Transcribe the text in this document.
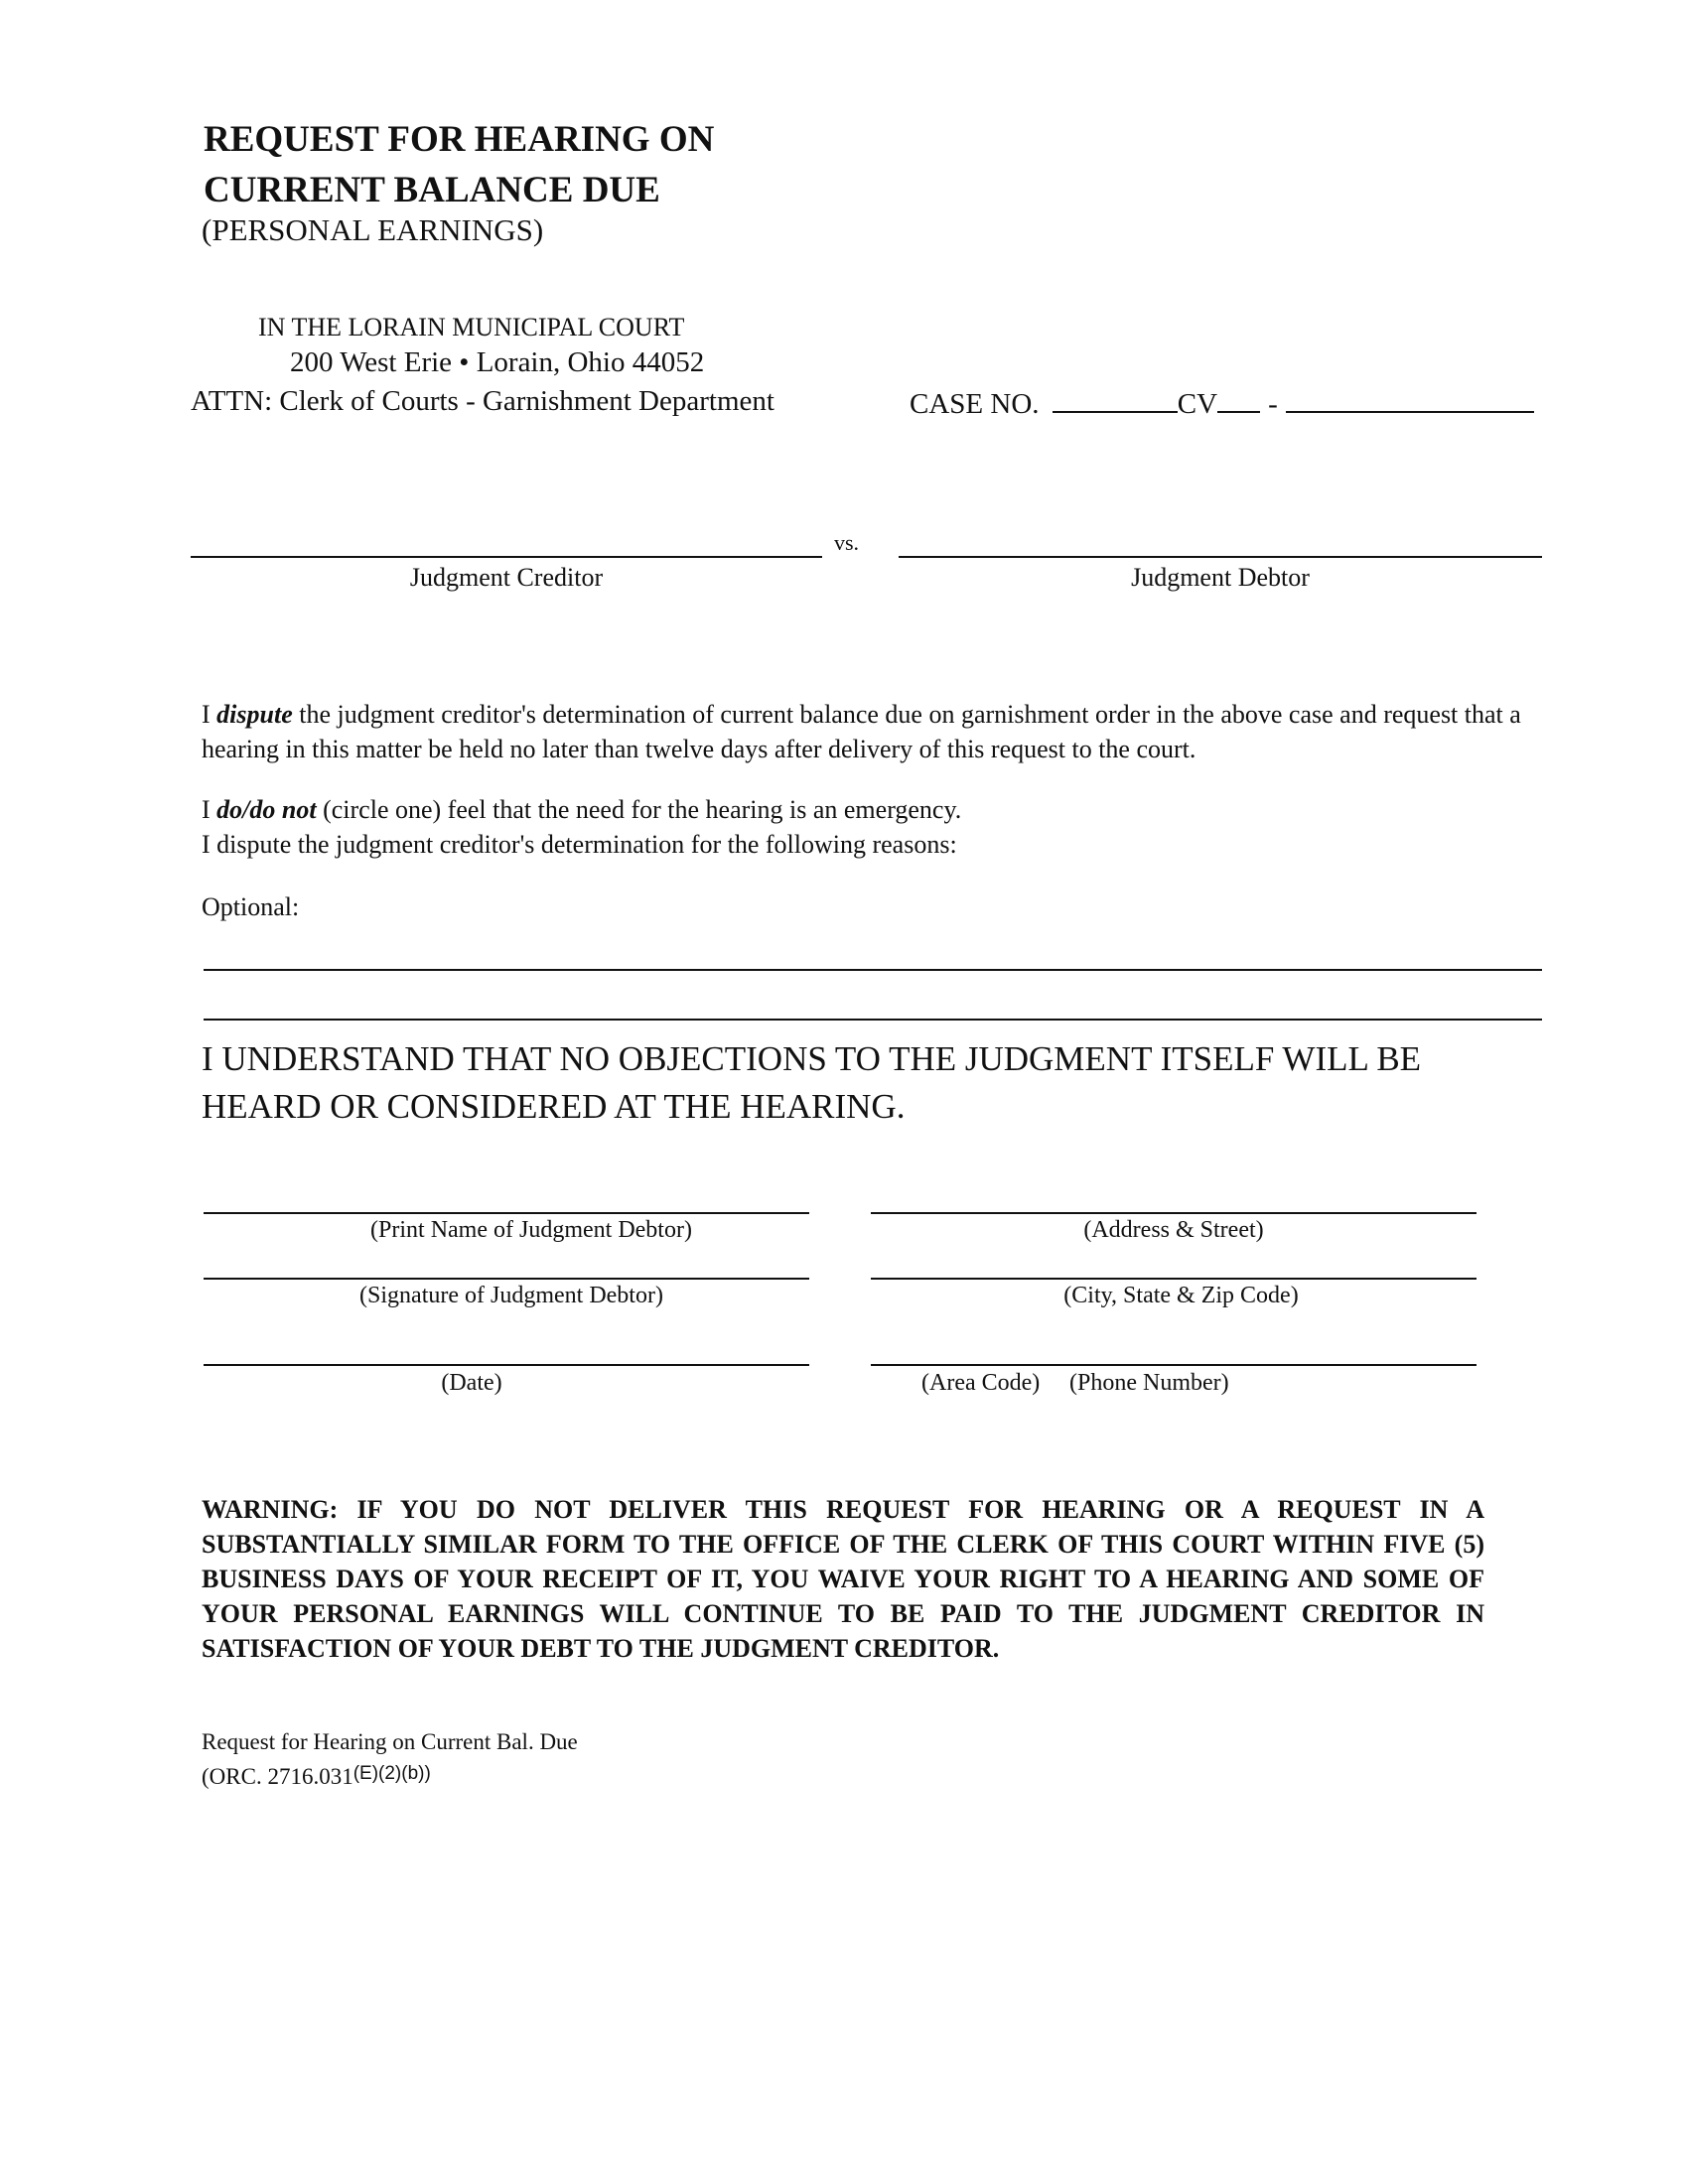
REQUEST FOR HEARING ON
CURRENT BALANCE DUE
(PERSONAL EARNINGS)
IN THE LORAIN MUNICIPAL COURT
200 West Erie • Lorain, Ohio 44052
ATTN: Clerk of Courts - Garnishment Department	CASE NO.	CV -
vs.
Judgment Creditor	Judgment Debtor
I dispute the judgment creditor's determination of current balance due on garnishment order in the above case and request that a hearing in this matter be held no later than twelve days after delivery of this request to the court.
I do/do not (circle one) feel that the need for the hearing is an emergency.
I dispute the judgment creditor's determination for the following reasons:
Optional:
I UNDERSTAND THAT NO OBJECTIONS TO THE JUDGMENT ITSELF WILL BE HEARD OR CONSIDERED AT THE HEARING.
(Print Name of Judgment Debtor)	(Address & Street)
(Signature of Judgment Debtor)	(City, State & Zip Code)
(Date)	(Area Code) (Phone Number)
WARNING: IF YOU DO NOT DELIVER THIS REQUEST FOR HEARING OR A REQUEST IN A SUBSTANTIALLY SIMILAR FORM TO THE OFFICE OF THE CLERK OF THIS COURT WITHIN FIVE (5) BUSINESS DAYS OF YOUR RECEIPT OF IT, YOU WAIVE YOUR RIGHT TO A HEARING AND SOME OF YOUR PERSONAL EARNINGS WILL CONTINUE TO BE PAID TO THE JUDGMENT CREDITOR IN SATISFACTION OF YOUR DEBT TO THE JUDGMENT CREDITOR.
Request for Hearing on Current Bal. Due
(ORC. $2716.031^{(E)(2)(b))}$
